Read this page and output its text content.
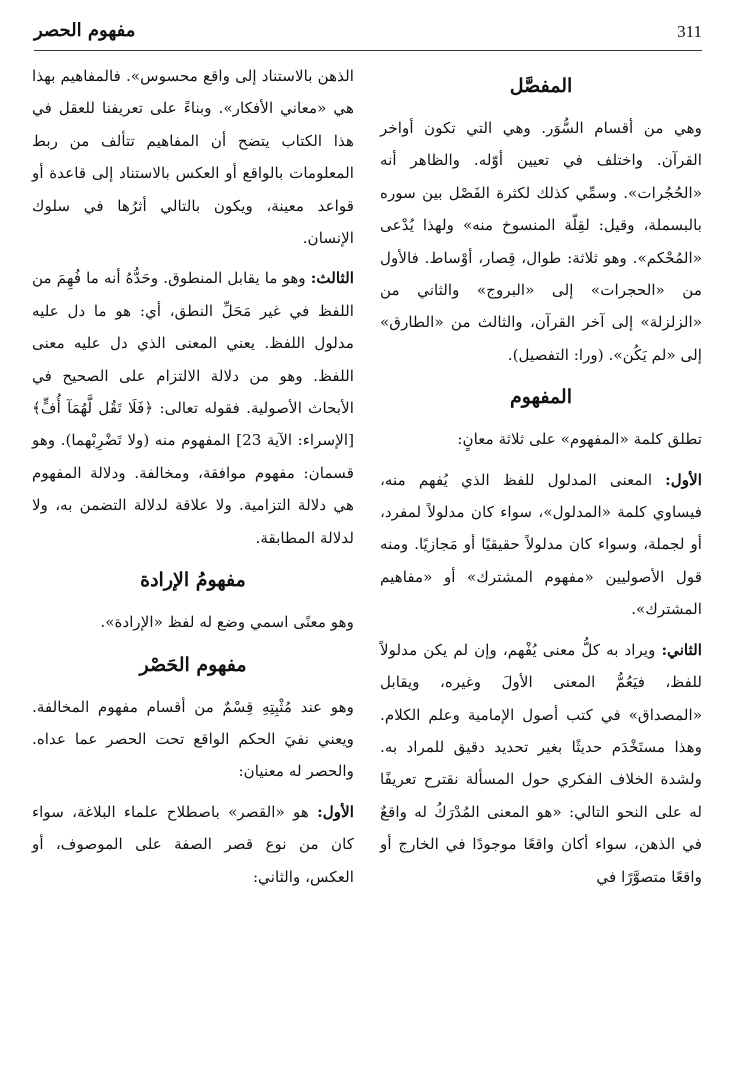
مفهوم الحصر	311
المفصَّل

وهي من أقسام السُّوَر. وهي التي تكون أواخر القرآن. واختلف في تعيين أوّله. والظاهر أنه «الحُجُرات». وسمِّي كذلك لكثرة الفَصْل بين سوره بالبسملة، وقيل: لقِلّة المنسوخ منه» ولهذا يُدْعى «المُحْكم». وهو ثلاثة: طوال، قِصار، أوْساط. فالأول من «الحجرات» إلى «البروج» والثاني من «الزلزلة» إلى آخر القرآن، والثالث من «الطارق» إلى «لم يَكُن». (ورا: التفصيل).

المفهوم

تطلق كلمة «المفهوم» على ثلاثة معانٍ:

الأول: المعنى المدلول للفظ الذي يُفهم منه، فيساوي كلمة «المدلول»، سواء كان مدلولاً لمفرد، أو لجملة، وسواء كان مدلولاً حقيقيًا أو مَجازيًا. ومنه قول الأصوليين «مفهوم المشترك» أو «مفاهيم المشترك».

الثاني: ويراد به كلُّ معنى يُفْهم، وإن لم يكن مدلولاً للفظ، فيَعُمُّ المعنى الأولَ وغيره، ويقابل «المصداق» في كتب أصول الإمامية وعلم الكلام. وهذا مستَخْدَم حديثًا بغير تحديد دقيق للمراد به. ولشدة الخلاف الفكري حول المسألة نقترح تعريفًا له على النحو التالي: «هو المعنى المُدْرَكُ له واقعٌ في الذهن، سواء أكان واقعًا موجودًا في الخارج أو واقعًا متصوَّرًا في

الذهن بالاستناد إلى واقع محسوس». فالمفاهيم بهذا هي «معاني الأفكار». وبناءً على تعريفنا للعقل في هذا الكتاب يتضح أن المفاهيم تتألف من ربط المعلومات بالواقع أو العكس بالاستناد إلى قاعدة أو قواعد معينة، ويكون بالتالي أثرُها في سلوك الإنسان.

الثالث: وهو ما يقابل المنطوق. وحَدُّهُ أنه ما فُهِمَ من اللفظ في غير مَحَلِّ النطق، أي: هو ما دل عليه مدلول اللفظ. يعني المعنى الذي دل عليه معنى اللفظ. وهو من دلالة الالتزام على الصحيح في الأبحاث الأصولية. فقوله تعالى: ﴿فَلَا تَقُل لَّهُمَآ أُفٍّ﴾ [الإسراء: الآية 23] المفهوم منه (ولا تَضْرِبْهما). وهو قسمان: مفهوم موافقة، ومخالفة. ودلالة المفهوم هي دلالة التزامية. ولا علاقة لدلالة التضمن به، ولا لدلالة المطابقة.

مفهومُ الإرادة

وهو معنًى اسمي وضع له لفظ «الإرادة».

مفهوم الحَصْر

وهو عند مُثْبِتِهِ قِسْمٌ من أقسام مفهوم المخالفة. ويعني نفيَ الحكم الواقع تحت الحصر عما عداه. والحصر له معنيان:

الأول: هو «القصر» باصطلاح علماء البلاغة، سواء كان من نوع قصر الصفة على الموصوف، أو العكس، والثاني:
